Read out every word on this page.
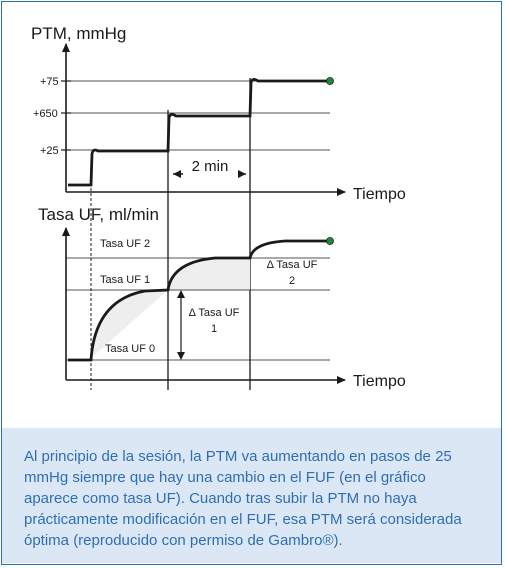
PTM, mmHg
+75
+650
+25
Tiempo
2 min
Tasa UF, ml/min
Tiempo
Tasa UF 2
Tasa UF 1
Tasa UF 0
Δ Tasa UF
1
Δ Tasa UF
2

Al principio de la sesión, la PTM va aumentando en pasos de 25 mmHg siempre que hay una cambio en el FUF (en el gráfico aparece como tasa UF). Cuando tras subir la PTM no haya prácticamente modificación en el FUF, esa PTM será considerada óptima (reproducido con permiso de Gambro®).
